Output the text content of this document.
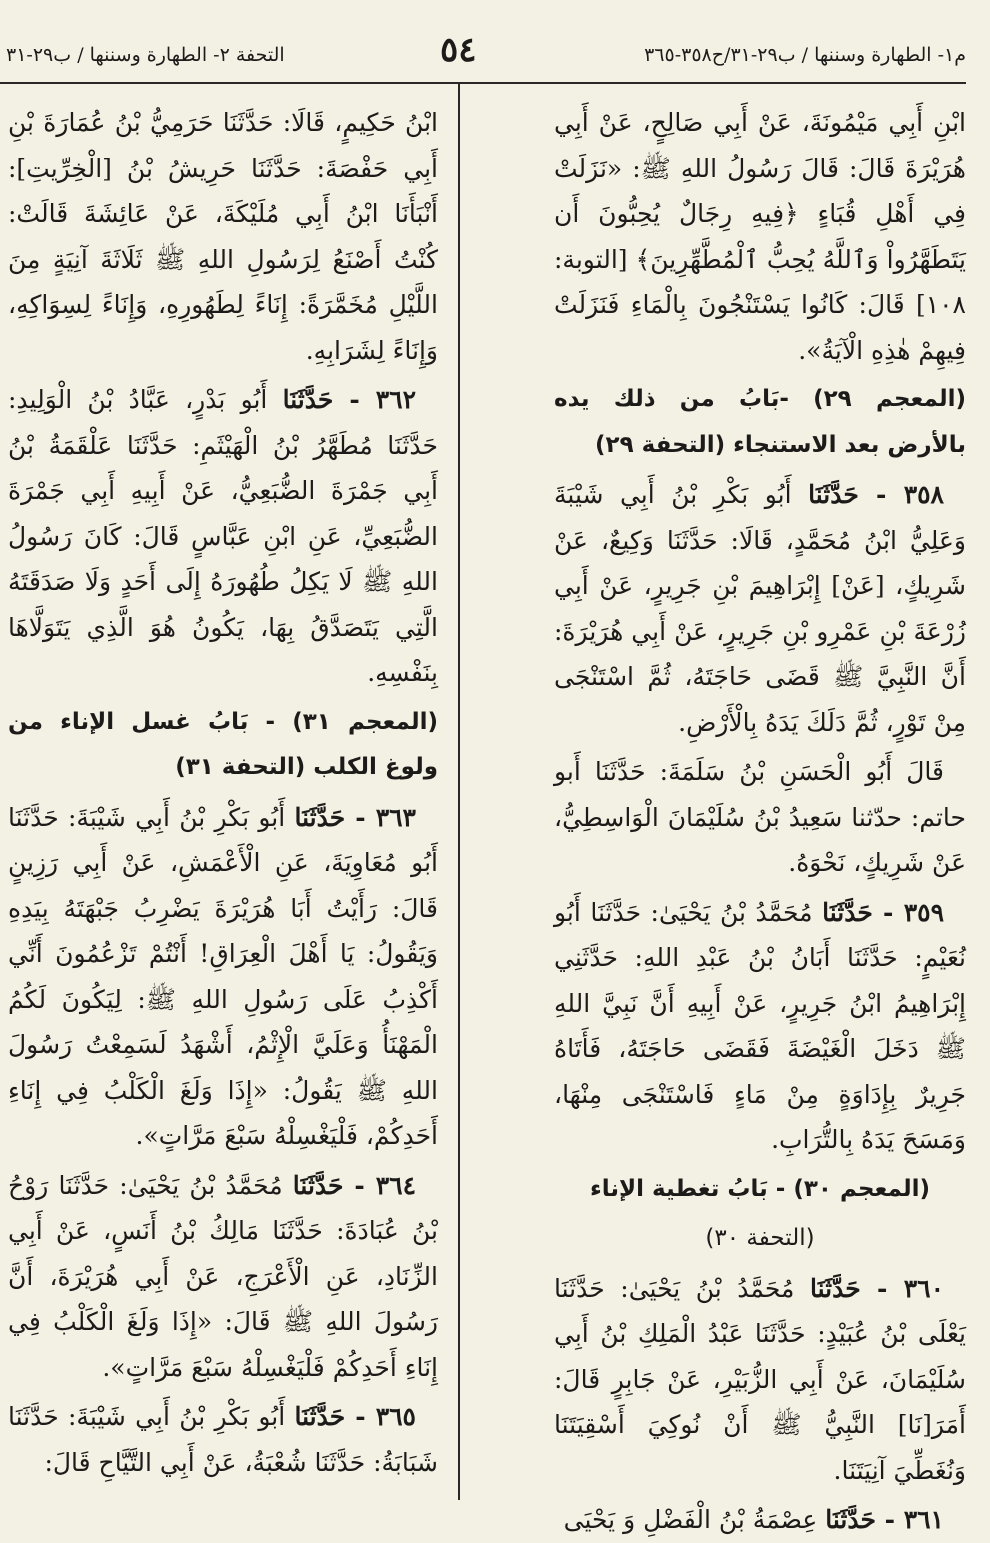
م١- الطهارة وسننها / ب٢٩-٣١/ح٣٥٨-٣٦٥
٥٤
التحفة ٢- الطهارة وسننها / ب٢٩-٣١

ابْنِ أَبِي مَيْمُونَةَ، عَنْ أَبِي صَالِحٍ، عَنْ أَبِي هُرَيْرَةَ قَالَ: قَالَ رَسُولُ اللهِ ﷺ: «نَزَلَتْ فِي أَهْلِ قُبَاءٍ ﴿فِيهِ رِجَالٌ يُحِبُّونَ أَن يَتَطَهَّرُواْ وَٱللَّهُ يُحِبُّ ٱلْمُطَّهِّرِينَ﴾ [التوبة: ١٠٨] قَالَ: كَانُوا يَسْتَنْجُونَ بِالْمَاءِ فَنَزَلَتْ فِيهِمْ هٰذِهِ الْآيَةُ».

(المعجم ٢٩) -بَابُ من ذلك يده بالأرض بعد الاستنجاء (التحفة ٢٩)

٣٥٨ - حَدَّثَنَا أَبُو بَكْرِ بْنُ أَبِي شَيْبَةَ وَعَلِيُّ ابْنُ مُحَمَّدٍ، قَالَا: حَدَّثَنَا وَكِيعٌ، عَنْ شَرِيكٍ، [عَنْ] إِبْرَاهِيمَ بْنِ جَرِيرٍ، عَنْ أَبِي زُرْعَةَ بْنِ عَمْرِو بْنِ جَرِيرٍ، عَنْ أَبِي هُرَيْرَةَ: أَنَّ النَّبِيَّ ﷺ قَضَى حَاجَتَهُ، ثُمَّ اسْتَنْجَى مِنْ تَوْرٍ، ثُمَّ دَلَكَ يَدَهُ بِالْأَرْضِ.

قَالَ أَبُو الْحَسَنِ بْنُ سَلَمَةَ: حَدَّثَنَا أَبو حاتم: حدّثنا سَعِيدُ بْنُ سُلَيْمَانَ الْوَاسِطِيُّ، عَنْ شَرِيكٍ، نَحْوَهُ.

٣٥٩ - حَدَّثَنَا مُحَمَّدُ بْنُ يَحْيَىٰ: حَدَّثَنَا أَبُو نُعَيْمٍ: حَدَّثَنَا أَبَانُ بْنُ عَبْدِ اللهِ: حَدَّثَنِي إِبْرَاهِيمُ ابْنُ جَرِيرٍ، عَنْ أَبِيهِ أَنَّ نَبِيَّ اللهِ ﷺ دَخَلَ الْغَيْضَةَ فَقَضَى حَاجَتَهُ، فَأَتَاهُ جَرِيرٌ بِإِدَاوَةٍ مِنْ مَاءٍ فَاسْتَنْجَى مِنْهَا، وَمَسَحَ يَدَهُ بِالتُّرَابِ.

(المعجم ٣٠) - بَابُ تغطية الإناء

(التحفة ٣٠)

٣٦٠ - حَدَّثَنَا مُحَمَّدُ بْنُ يَحْيَىٰ: حَدَّثَنَا يَعْلَى بْنُ عُبَيْدٍ: حَدَّثَنَا عَبْدُ الْمَلِكِ بْنُ أَبِي سُلَيْمَانَ، عَنْ أَبِي الزُّبَيْرِ، عَنْ جَابِرٍ قَالَ: أَمَرَ[نَا] النَّبِيُّ ﷺ أَنْ نُوكِيَ أَسْقِيَتَنَا وَنُغَطِّيَ آنِيَتَنَا.

٣٦١ - حَدَّثَنَا عِصْمَةُ بْنُ الْفَضْلِ وَ يَحْيَى

ابْنُ حَكِيمٍ، قَالَا: حَدَّثَنَا حَرَمِيُّ بْنُ عُمَارَةَ بْنِ أَبِي حَفْصَةَ: حَدَّثَنَا حَرِيشُ بْنُ [الْخِرِّيتِ]: أَنْبَأَنَا ابْنُ أَبِي مُلَيْكَةَ، عَنْ عَائِشَةَ قَالَتْ: كُنْتُ أَصْنَعُ لِرَسُولِ اللهِ ﷺ ثَلَاثَةَ آنِيَةٍ مِنَ اللَّيْلِ مُخَمَّرَةً: إِنَاءً لِطَهُورِهِ، وَإِنَاءً لِسِوَاكِهِ، وَإِنَاءً لِشَرَابِهِ.

٣٦٢ - حَدَّثَنَا أَبُو بَدْرٍ، عَبَّادُ بْنُ الْوَلِيدِ: حَدَّثَنَا مُطَهَّرُ بْنُ الْهَيْثَمِ: حَدَّثَنَا عَلْقَمَةُ بْنُ أَبِي جَمْرَةَ الضُّبَعِيُّ، عَنْ أَبِيهِ أَبِي جَمْرَةَ الضُّبَعِيِّ، عَنِ ابْنِ عَبَّاسٍ قَالَ: كَانَ رَسُولُ اللهِ ﷺ لَا يَكِلُ طُهُورَهُ إِلَى أَحَدٍ وَلَا صَدَقَتَهُ الَّتِي يَتَصَدَّقُ بِهَا، يَكُونُ هُوَ الَّذِي يَتَوَلَّاهَا بِنَفْسِهِ.

(المعجم ٣١) - بَابُ غسل الإناء من ولوغ الكلب (التحفة ٣١)

٣٦٣ - حَدَّثَنَا أَبُو بَكْرِ بْنُ أَبِي شَيْبَةَ: حَدَّثَنَا أَبُو مُعَاوِيَةَ، عَنِ الْأَعْمَشِ، عَنْ أَبِي رَزِينٍ قَالَ: رَأَيْتُ أَبَا هُرَيْرَةَ يَضْرِبُ جَبْهَتَهُ بِيَدِهِ وَيَقُولُ: يَا أَهْلَ الْعِرَاقِ! أَنْتُمْ تَزْعُمُونَ أَنِّي أَكْذِبُ عَلَى رَسُولِ اللهِ ﷺ: لِيَكُونَ لَكُمُ الْمَهْنَأُ وَعَلَيَّ الْإِثْمُ، أَشْهَدُ لَسَمِعْتُ رَسُولَ اللهِ ﷺ يَقُولُ: «إِذَا وَلَغَ الْكَلْبُ فِي إِنَاءِ أَحَدِكُمْ، فَلْيَغْسِلْهُ سَبْعَ مَرَّاتٍ».

٣٦٤ - حَدَّثَنَا مُحَمَّدُ بْنُ يَحْيَىٰ: حَدَّثَنَا رَوْحُ بْنُ عُبَادَةَ: حَدَّثَنَا مَالِكُ بْنُ أَنَسٍ، عَنْ أَبِي الزِّنَادِ، عَنِ الْأَعْرَجِ، عَنْ أَبِي هُرَيْرَةَ، أَنَّ رَسُولَ اللهِ ﷺ قَالَ: «إِذَا وَلَغَ الْكَلْبُ فِي إِنَاءِ أَحَدِكُمْ فَلْيَغْسِلْهُ سَبْعَ مَرَّاتٍ».

٣٦٥ - حَدَّثَنَا أَبُو بَكْرِ بْنُ أَبِي شَيْبَةَ: حَدَّثَنَا شَبَابَةُ: حَدَّثَنَا شُعْبَةُ، عَنْ أَبِي التَّيَّاحِ قَالَ:
